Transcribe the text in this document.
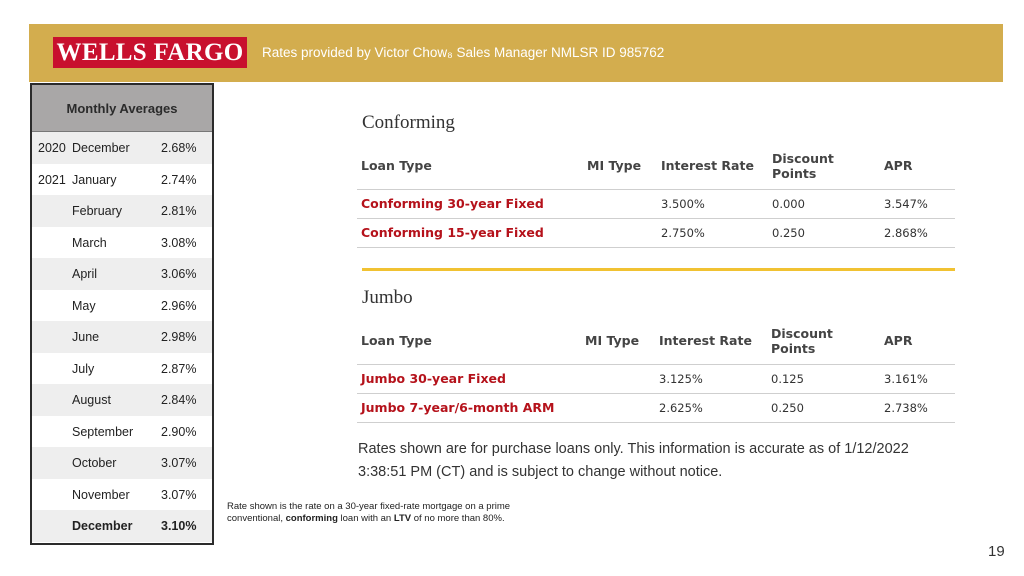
WELLS FARGO Rates provided by Victor Chow₈ Sales Manager NMLSR ID 985762
Monthly Averages
2020 December	2.68%
2021 January	2.74%
February	2.81%
March	3.08%
April	3.06%
May	2.96%
June	2.98%
July	2.87%
August	2.84%
September 2.90%
October	3.07%
November	3.07%
December 3.10%
Rate shown is the rate on a 30-year fixed-rate mortgage on a prime conventional, conforming loan with an LTV of no more than 80%.
Conforming
Loan Type	MI Type	Interest Rate	Discount Points	APR
Conforming 30-year Fixed		3.500%	0.000	3.547%
Conforming 15-year Fixed		2.750%	0.250	2.868%
Jumbo
Loan Type	MI Type	Interest Rate	Discount Points	APR
Jumbo 30-year Fixed		3.125%	0.125	3.161%
Jumbo 7-year/6-month ARM		2.625%	0.250	2.738%
Rates shown are for purchase loans only. This information is accurate as of 1/12/2022 3:38:51 PM (CT) and is subject to change without notice.
19
